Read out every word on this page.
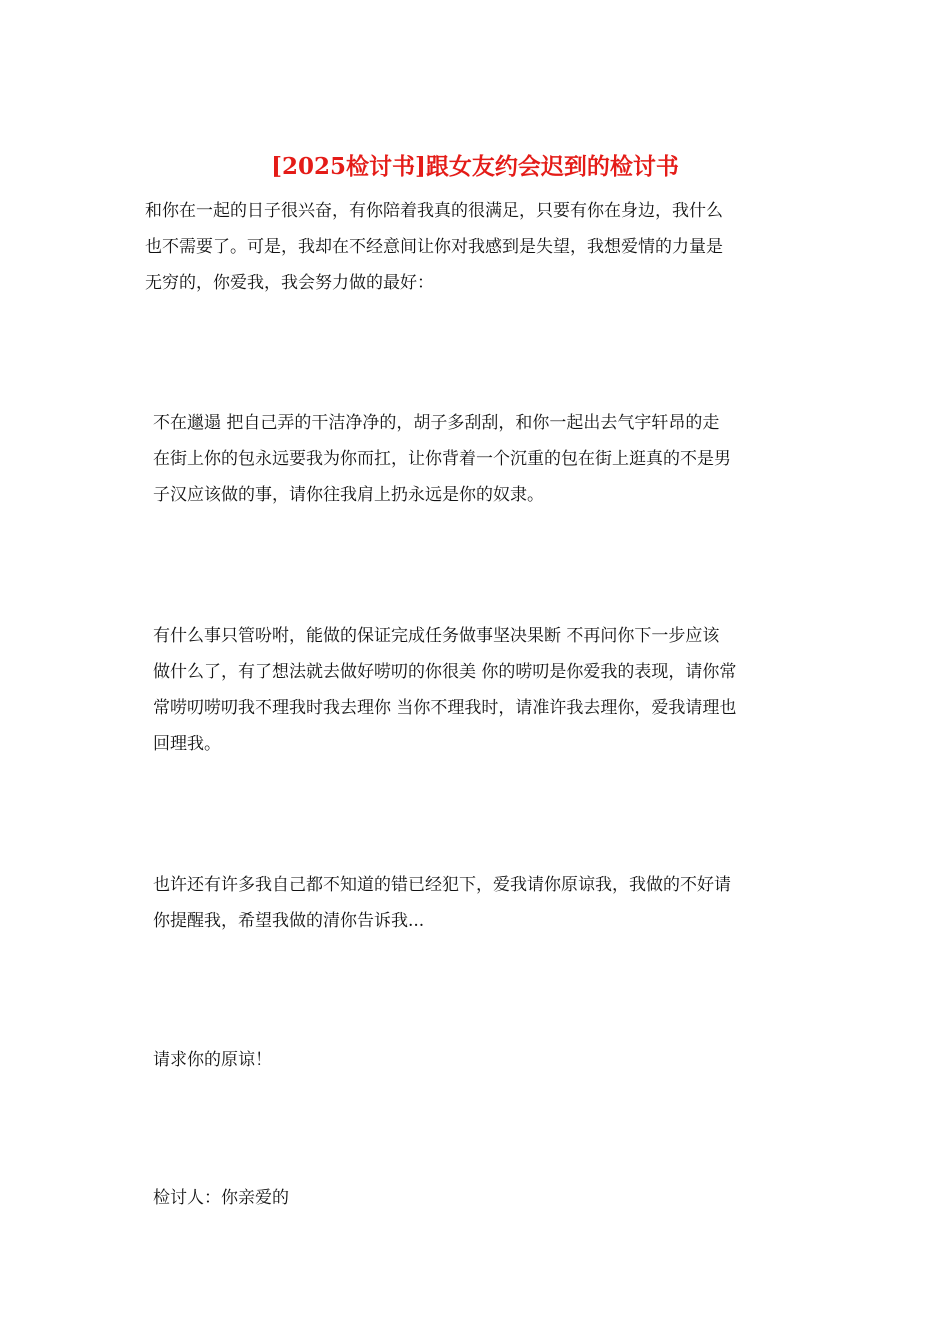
[2025检讨书]跟女友约会迟到的检讨书
和你在一起的日子很兴奋，有你陪着我真的很满足，只要有你在身边，我什么
也不需要了。可是，我却在不经意间让你对我感到是失望，我想爱情的力量是
无穷的，你爱我，我会努力做的最好：
不在邋遢 把自己弄的干洁净净的，胡子多刮刮，和你一起出去气宇轩昂的走
在街上你的包永远要我为你而扛，让你背着一个沉重的包在街上逛真的不是男
子汉应该做的事，请你往我肩上扔永远是你的奴隶。
有什么事只管吩咐，能做的保证完成任务做事坚决果断 不再问你下一步应该
做什么了，有了想法就去做好唠叨的你很美 你的唠叨是你爱我的表现，请你常
常唠叨唠叨我不理我时我去理你 当你不理我时，请准许我去理你，爱我请理也
回理我。
也许还有许多我自己都不知道的错已经犯下，爱我请你原谅我，我做的不好请
你提醒我，希望我做的清你告诉我...
请求你的原谅！
检讨人：你亲爱的
